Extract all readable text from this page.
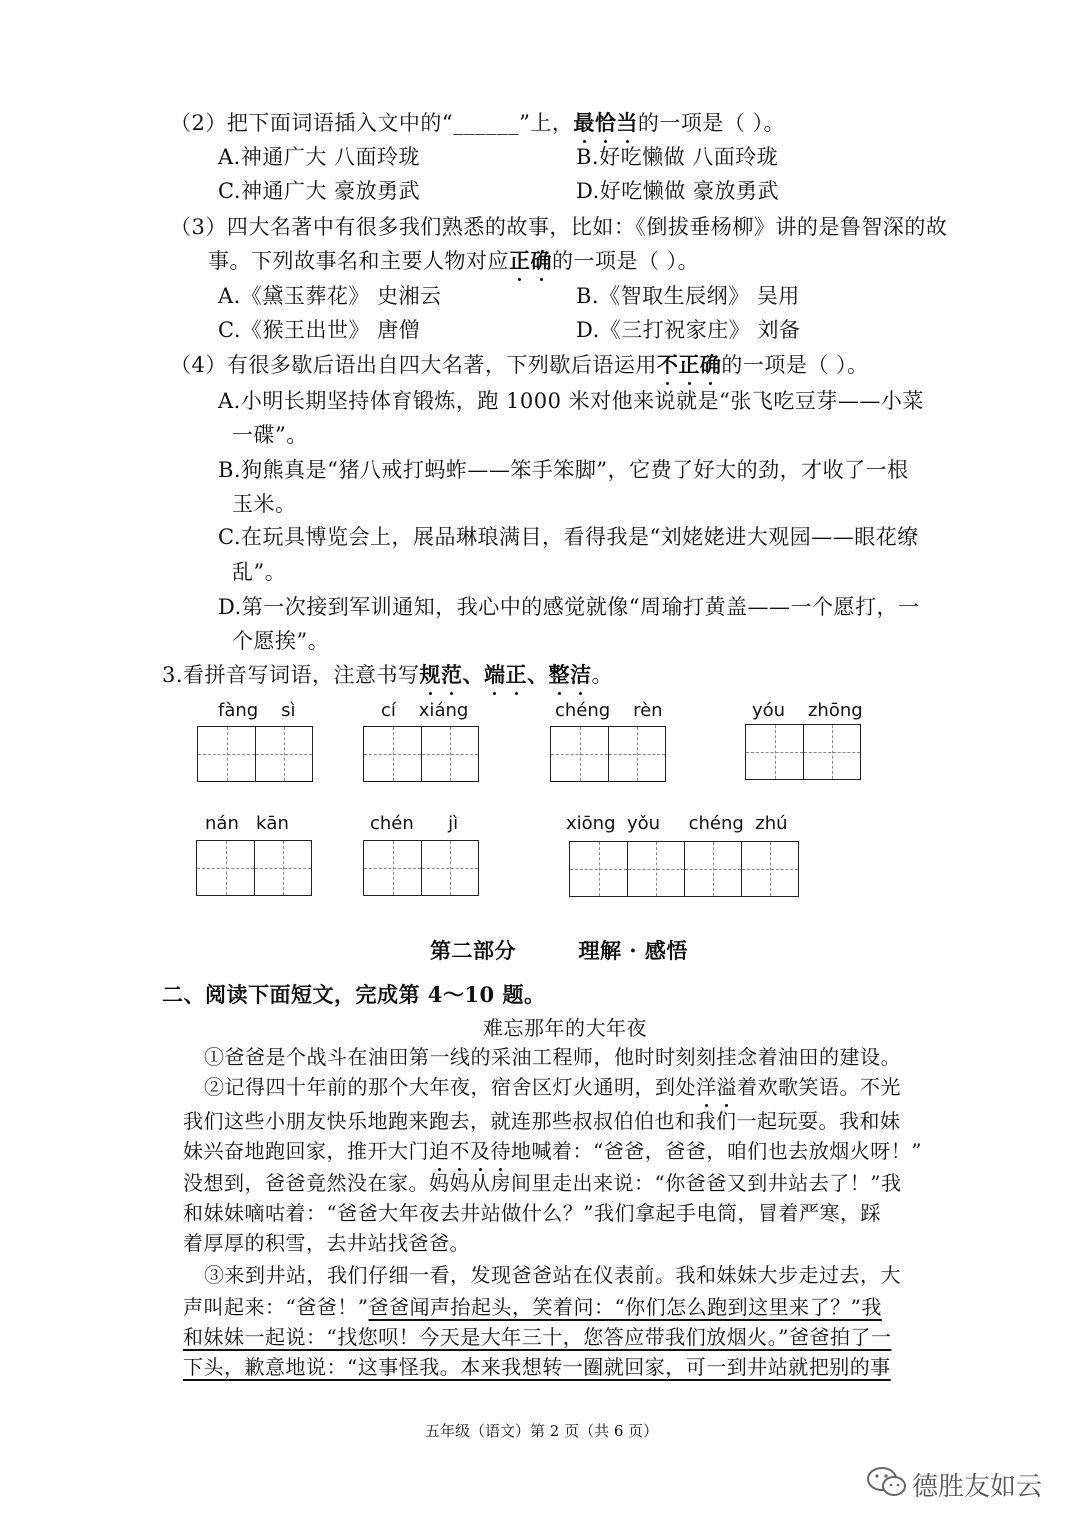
（2）把下面词语插入文中的“______”上，最恰当的一项是（ ）。
A.神通广大 八面玲珑	B.好吃懒做 八面玲珑
C.神通广大 豪放勇武	D.好吃懒做 豪放勇武
（3）四大名著中有很多我们熟悉的故事，比如：《倒拔垂杨柳》讲的是鲁智深的故
事。下列故事名和主要人物对应正确的一项是（ ）。
A.《黛玉葬花》 史湘云	B.《智取生辰纲》 吴用
C.《猴王出世》 唐僧	D.《三打祝家庄》 刘备
（4）有很多歇后语出自四大名著，下列歇后语运用不正确的一项是（ ）。
A.小明长期坚持体育锻炼，跑 1000 米对他来说就是“张飞吃豆芽——小菜
一碟”。
B.狗熊真是“猪八戒打蚂蚱——笨手笨脚”，它费了好大的劲，才收了一根
玉米。
C.在玩具博览会上，展品琳琅满目，看得我是“刘姥姥进大观园——眼花缭
乱”。
D.第一次接到军训通知，我心中的感觉就像“周瑜打黄盖——一个愿打，一
个愿挨”。
3.看拼音写词语，注意书写规范、端正、整洁。
fàng    sì	cí    xiáng	chéng    rèn	yóu    zhōng
nán   kān	chén      jì	xiōng  yǒu     chéng  zhú
第二部分        理解 · 感悟
二、阅读下面短文，完成第 4～10 题。
难忘那年的大年夜
①爸爸是个战斗在油田第一线的采油工程师，他时时刻刻挂念着油田的建设。
②记得四十年前的那个大年夜，宿舍区灯火通明，到处洋溢着欢歌笑语。不光
我们这些小朋友快乐地跑来跑去，就连那些叔叔伯伯也和我们一起玩耍。我和妹
妹兴奋地跑回家，推开大门迫不及待地喊着：“爸爸，爸爸，咱们也去放烟火呀！”
没想到，爸爸竟然没在家。妈妈从房间里走出来说：“你爸爸又到井站去了！”我
和妹妹嘀咕着：“爸爸大年夜去井站做什么？”我们拿起手电筒，冒着严寒，踩
着厚厚的积雪，去井站找爸爸。
③来到井站，我们仔细一看，发现爸爸站在仪表前。我和妹妹大步走过去，大
声叫起来：“爸爸！”爸爸闻声抬起头，笑着问：“你们怎么跑到这里来了？”我
和妹妹一起说：“找您呗！今天是大年三十，您答应带我们放烟火。”爸爸拍了一
下头，歉意地说：“这事怪我。本来我想转一圈就回家，可一到井站就把别的事
五年级（语文）第 2 页（共 6 页）
德胜友如云
